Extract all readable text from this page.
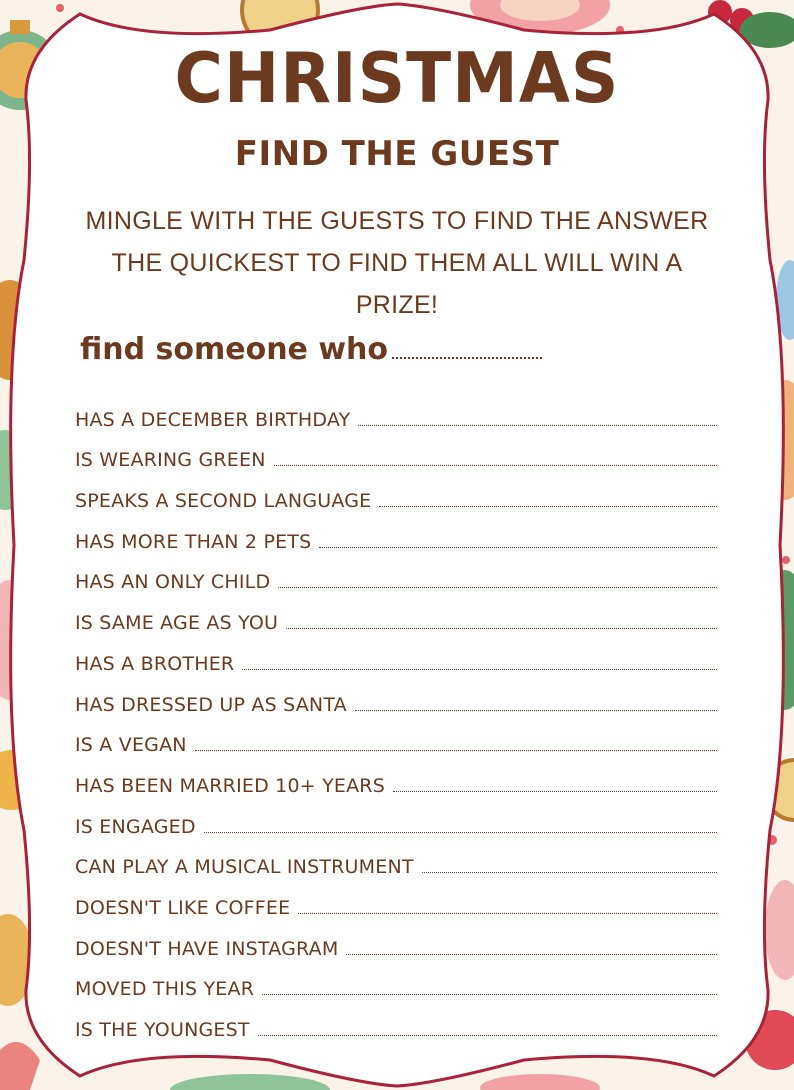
CHRISTMAS
FIND THE GUEST
MINGLE WITH THE GUESTS TO FIND THE ANSWER THE QUICKEST TO FIND THEM ALL WILL WIN A PRIZE!
find someone who
HAS A DECEMBER BIRTHDAY
IS WEARING GREEN
SPEAKS A SECOND LANGUAGE
HAS MORE THAN 2 PETS
HAS AN ONLY CHILD
IS SAME AGE AS YOU
HAS A BROTHER
HAS DRESSED UP AS SANTA
IS A VEGAN
HAS BEEN MARRIED 10+ YEARS
IS ENGAGED
CAN PLAY A MUSICAL INSTRUMENT
DOESN'T LIKE COFFEE
DOESN'T HAVE INSTAGRAM
MOVED THIS YEAR
IS THE YOUNGEST
